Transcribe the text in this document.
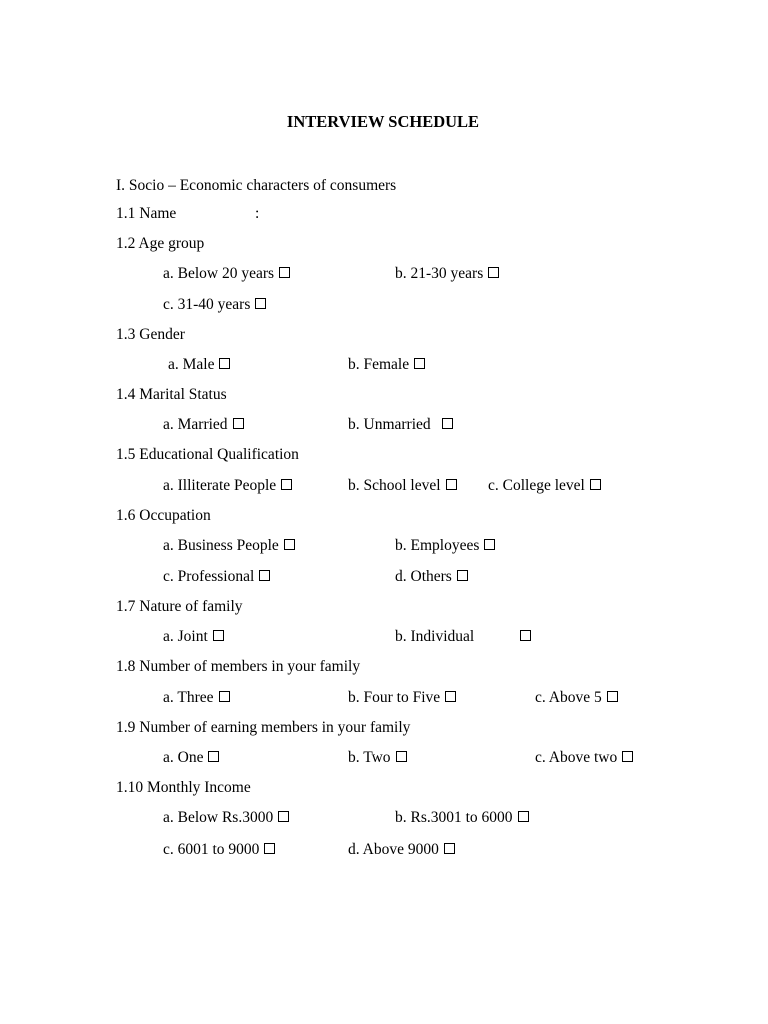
INTERVIEW SCHEDULE
I. Socio – Economic characters of consumers
1.1 Name	:
1.2 Age group
a. Below 20 years	b. 21-30 years
c. 31-40 years
1.3 Gender
a. Male	b. Female
1.4 Marital Status
a. Married	b. Unmarried
1.5 Educational Qualification
a. Illiterate People	b. School level	c. College level
1.6 Occupation
a. Business People	b. Employees
c. Professional	d. Others
1.7 Nature of family
a. Joint	b. Individual
1.8 Number of members in your family
a. Three	b. Four to Five	c. Above 5
1.9 Number of earning members in your family
a. One	b. Two	c. Above two
1.10 Monthly Income
a. Below Rs.3000	b. Rs.3001 to 6000
c. 6001 to 9000	d. Above 9000
